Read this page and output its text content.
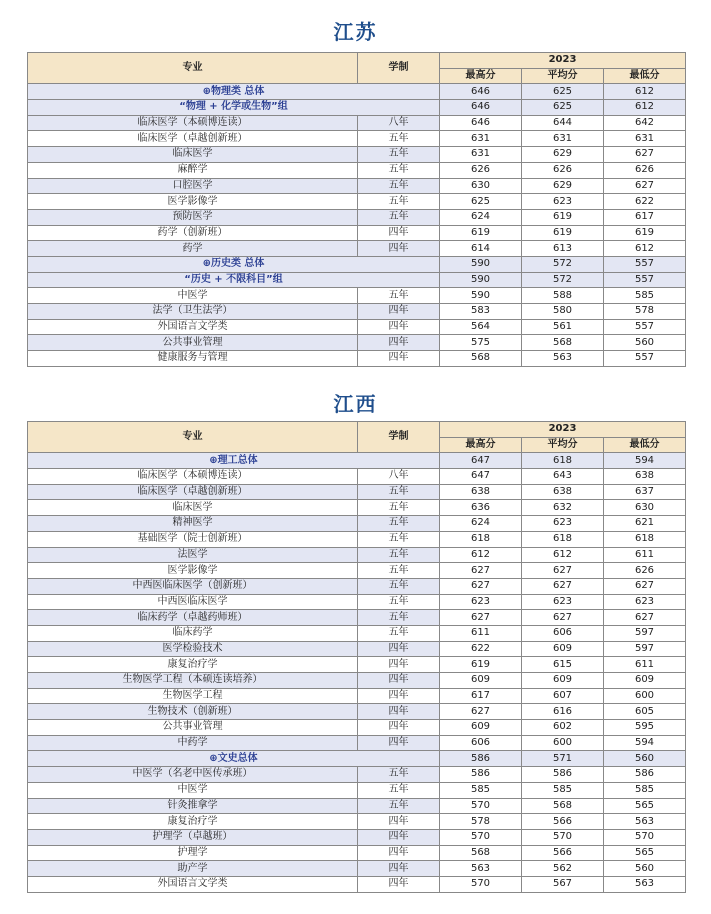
江苏
专业	学制	2023		
		最高分	平均分	最低分
⊕物理类 总体		646	625	612
“物理 + 化学或生物”组		646	625	612
临床医学（本硕博连读）	八年	646	644	642
临床医学（卓越创新班）	五年	631	631	631
临床医学	五年	631	629	627
麻醉学	五年	626	626	626
口腔医学	五年	630	629	627
医学影像学	五年	625	623	622
预防医学	五年	624	619	617
药学（创新班）	四年	619	619	619
药学	四年	614	613	612
⊕历史类 总体		590	572	557
“历史 + 不限科目”组		590	572	557
中医学	五年	590	588	585
法学（卫生法学）	四年	583	580	578
外国语言文学类	四年	564	561	557
公共事业管理	四年	575	568	560
健康服务与管理	四年	568	563	557
江西
专业	学制	2023		
		最高分	平均分	最低分
⊕理工总体		647	618	594
临床医学（本硕博连读）	八年	647	643	638
临床医学（卓越创新班）	五年	638	638	637
临床医学	五年	636	632	630
精神医学	五年	624	623	621
基础医学（院士创新班）	五年	618	618	618
法医学	五年	612	612	611
医学影像学	五年	627	627	626
中西医临床医学（创新班）	五年	627	627	627
中西医临床医学	五年	623	623	623
临床药学（卓越药师班）	五年	627	627	627
临床药学	五年	611	606	597
医学检验技术	四年	622	609	597
康复治疗学	四年	619	615	611
生物医学工程（本硕连读培养）	四年	609	609	609
生物医学工程	四年	617	607	600
生物技术（创新班）	四年	627	616	605
公共事业管理	四年	609	602	595
中药学	四年	606	600	594
⊕文史总体		586	571	560
中医学（名老中医传承班）	五年	586	586	586
中医学	五年	585	585	585
针灸推拿学	五年	570	568	565
康复治疗学	四年	578	566	563
护理学（卓越班）	四年	570	570	570
护理学	四年	568	566	565
助产学	四年	563	562	560
外国语言文学类	四年	570	567	563
